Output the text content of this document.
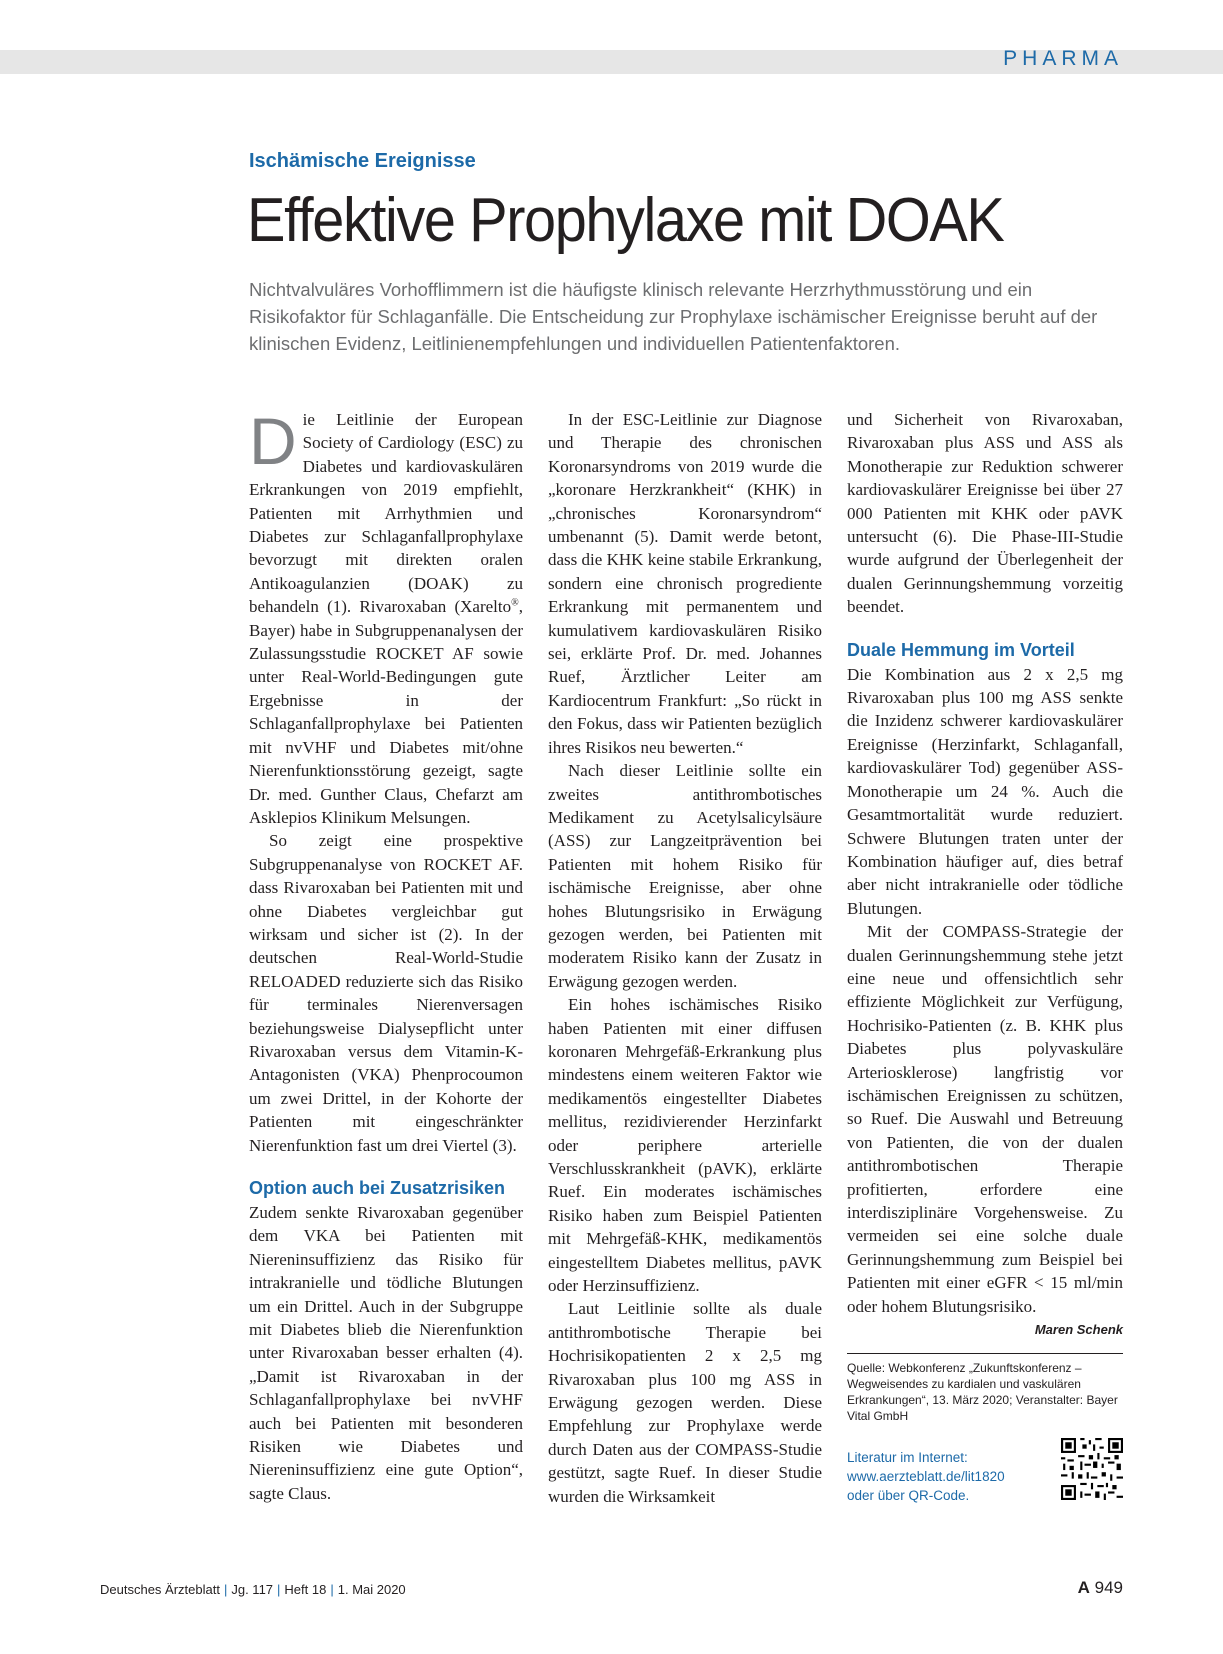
PHARMA
Ischämische Ereignisse
Effektive Prophylaxe mit DOAK
Nichtvalvuläres Vorhofflimmern ist die häufigste klinisch relevante Herzrhythmusstörung und ein Risikofaktor für Schlaganfälle. Die Entscheidung zur Prophylaxe ischämischer Ereignisse beruht auf der klinischen Evidenz, Leitlinienempfehlungen und individuellen Patientenfaktoren.

Die Leitlinie der European Society of Cardiology (ESC) zu Diabetes und kardiovaskulären Erkrankungen von 2019 empfiehlt, Patienten mit Arrhythmien und Diabetes zur Schlaganfallprophylaxe bevorzugt mit direkten oralen Antikoagulanzien (DOAK) zu behandeln (1). Rivaroxaban (Xarelto®, Bayer) habe in Subgruppenanalysen der Zulassungsstudie ROCKET AF sowie unter Real-World-Bedingungen gute Ergebnisse in der Schlaganfallprophylaxe bei Patienten mit nvVHF und Diabetes mit/ohne Nierenfunktionsstörung gezeigt, sagte Dr. med. Gunther Claus, Chefarzt am Asklepios Klinikum Melsungen.

So zeigt eine prospektive Subgruppenanalyse von ROCKET AF. dass Rivaroxaban bei Patienten mit und ohne Diabetes vergleichbar gut wirksam und sicher ist (2). In der deutschen Real-World-Studie RELOADED reduzierte sich das Risiko für terminales Nierenversagen beziehungsweise Dialysepflicht unter Rivaroxaban versus dem Vitamin-K-Antagonisten (VKA) Phenprocoumon um zwei Drittel, in der Kohorte der Patienten mit eingeschränkter Nierenfunktion fast um drei Viertel (3).

Option auch bei Zusatzrisiken

Zudem senkte Rivaroxaban gegenüber dem VKA bei Patienten mit Niereninsuffizienz das Risiko für intrakranielle und tödliche Blutungen um ein Drittel. Auch in der Subgruppe mit Diabetes blieb die Nierenfunktion unter Rivaroxaban besser erhalten (4). „Damit ist Rivaroxaban in der Schlaganfallprophylaxe bei nvVHF auch bei Patienten mit besonderen Risiken wie Diabetes und Niereninsuffizienz eine gute Option“, sagte Claus.

In der ESC-Leitlinie zur Diagnose und Therapie des chronischen Koronarsyndroms von 2019 wurde die „koronare Herzkrankheit“ (KHK) in „chronisches Koronarsyndrom“ umbenannt (5). Damit werde betont, dass die KHK keine stabile Erkrankung, sondern eine chronisch progrediente Erkrankung mit permanentem und kumulativem kardiovaskulären Risiko sei, erklärte Prof. Dr. med. Johannes Ruef, Ärztlicher Leiter am Kardiocentrum Frankfurt: „So rückt in den Fokus, dass wir Patienten bezüglich ihres Risikos neu bewerten.“

Nach dieser Leitlinie sollte ein zweites antithrombotisches Medikament zu Acetylsalicylsäure (ASS) zur Langzeitprävention bei Patienten mit hohem Risiko für ischämische Ereignisse, aber ohne hohes Blutungsrisiko in Erwägung gezogen werden, bei Patienten mit moderatem Risiko kann der Zusatz in Erwägung gezogen werden.

Ein hohes ischämisches Risiko haben Patienten mit einer diffusen koronaren Mehrgefäß-Erkrankung plus mindestens einem weiteren Faktor wie medikamentös eingestellter Diabetes mellitus, rezidivierender Herzinfarkt oder periphere arterielle Verschlusskrankheit (pAVK), erklärte Ruef. Ein moderates ischämisches Risiko haben zum Beispiel Patienten mit Mehrgefäß-KHK, medikamentös eingestelltem Diabetes mellitus, pAVK oder Herzinsuffizienz.

Laut Leitlinie sollte als duale antithrombotische Therapie bei Hochrisikopatienten 2 x 2,5 mg Rivaroxaban plus 100 mg ASS in Erwägung gezogen werden. Diese Empfehlung zur Prophylaxe werde durch Daten aus der COMPASS-Studie gestützt, sagte Ruef. In dieser Studie wurden die Wirksamkeit

und Sicherheit von Rivaroxaban, Rivaroxaban plus ASS und ASS als Monotherapie zur Reduktion schwerer kardiovaskulärer Ereignisse bei über 27 000 Patienten mit KHK oder pAVK untersucht (6). Die Phase-III-Studie wurde aufgrund der Überlegenheit der dualen Gerinnungshemmung vorzeitig beendet.

Duale Hemmung im Vorteil

Die Kombination aus 2 x 2,5 mg Rivaroxaban plus 100 mg ASS senkte die Inzidenz schwerer kardiovaskulärer Ereignisse (Herzinfarkt, Schlaganfall, kardiovaskulärer Tod) gegenüber ASS-Monotherapie um 24 %. Auch die Gesamtmortalität wurde reduziert. Schwere Blutungen traten unter der Kombination häufiger auf, dies betraf aber nicht intrakranielle oder tödliche Blutungen.

Mit der COMPASS-Strategie der dualen Gerinnungshemmung stehe jetzt eine neue und offensichtlich sehr effiziente Möglichkeit zur Verfügung, Hochrisiko-Patienten (z. B. KHK plus Diabetes plus polyvaskuläre Arteriosklerose) langfristig vor ischämischen Ereignissen zu schützen, so Ruef. Die Auswahl und Betreuung von Patienten, die von der dualen antithrombotischen Therapie profitierten, erfordere eine interdisziplinäre Vorgehensweise. Zu vermeiden sei eine solche duale Gerinnungshemmung zum Beispiel bei Patienten mit einer eGFR < 15 ml/min oder hohem Blutungsrisiko.

Maren Schenk
Quelle: Webkonferenz „Zukunftskonferenz – Wegweisendes zu kardialen und vaskulären Erkrankungen“, 13. März 2020; Veranstalter: Bayer Vital GmbH
Literatur im Internet:
www.aerzteblatt.de/lit1820
oder über QR-Code.
Deutsches Ärzteblatt | Jg. 117 | Heft 18 | 1. Mai 2020	A 949
